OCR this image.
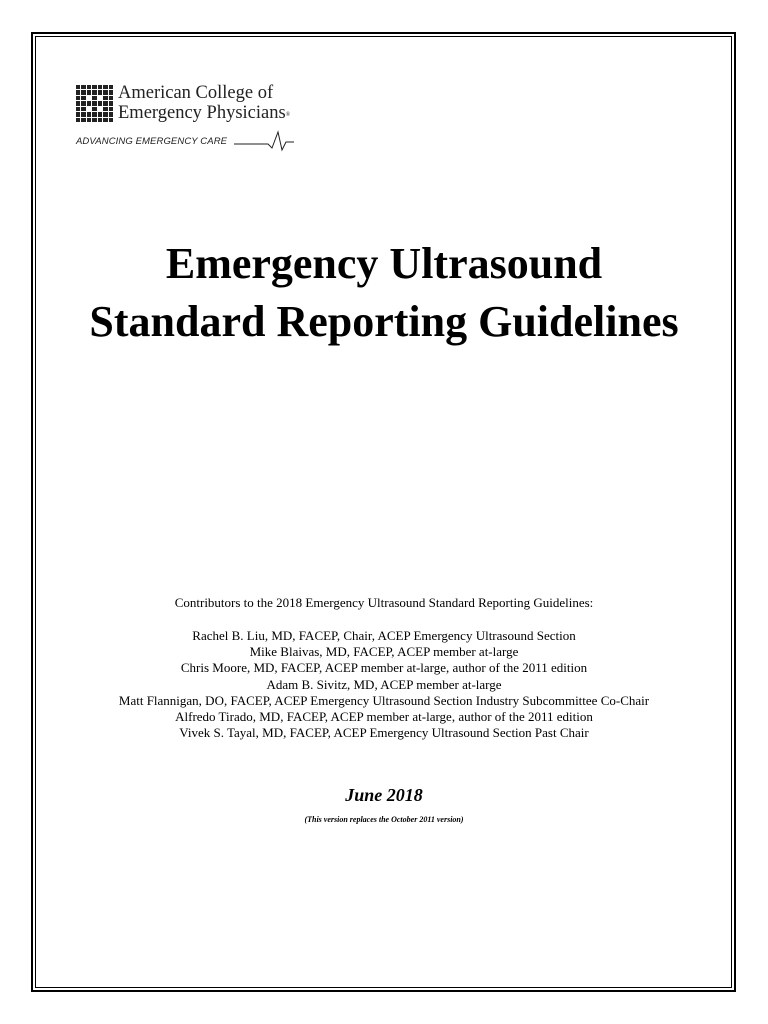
American College of
Emergency Physicians®
ADVANCING EMERGENCY CARE
Emergency Ultrasound
Standard Reporting Guidelines
Contributors to the 2018 Emergency Ultrasound Standard Reporting Guidelines:
Rachel B. Liu, MD, FACEP, Chair, ACEP Emergency Ultrasound Section
Mike Blaivas, MD, FACEP, ACEP member at-large
Chris Moore, MD, FACEP, ACEP member at-large, author of the 2011 edition
Adam B. Sivitz, MD, ACEP member at-large
Matt Flannigan, DO, FACEP, ACEP Emergency Ultrasound Section Industry Subcommittee Co-Chair
Alfredo Tirado, MD, FACEP, ACEP member at-large, author of the 2011 edition
Vivek S. Tayal, MD, FACEP, ACEP Emergency Ultrasound Section Past Chair
June 2018
(This version replaces the October 2011 version)
